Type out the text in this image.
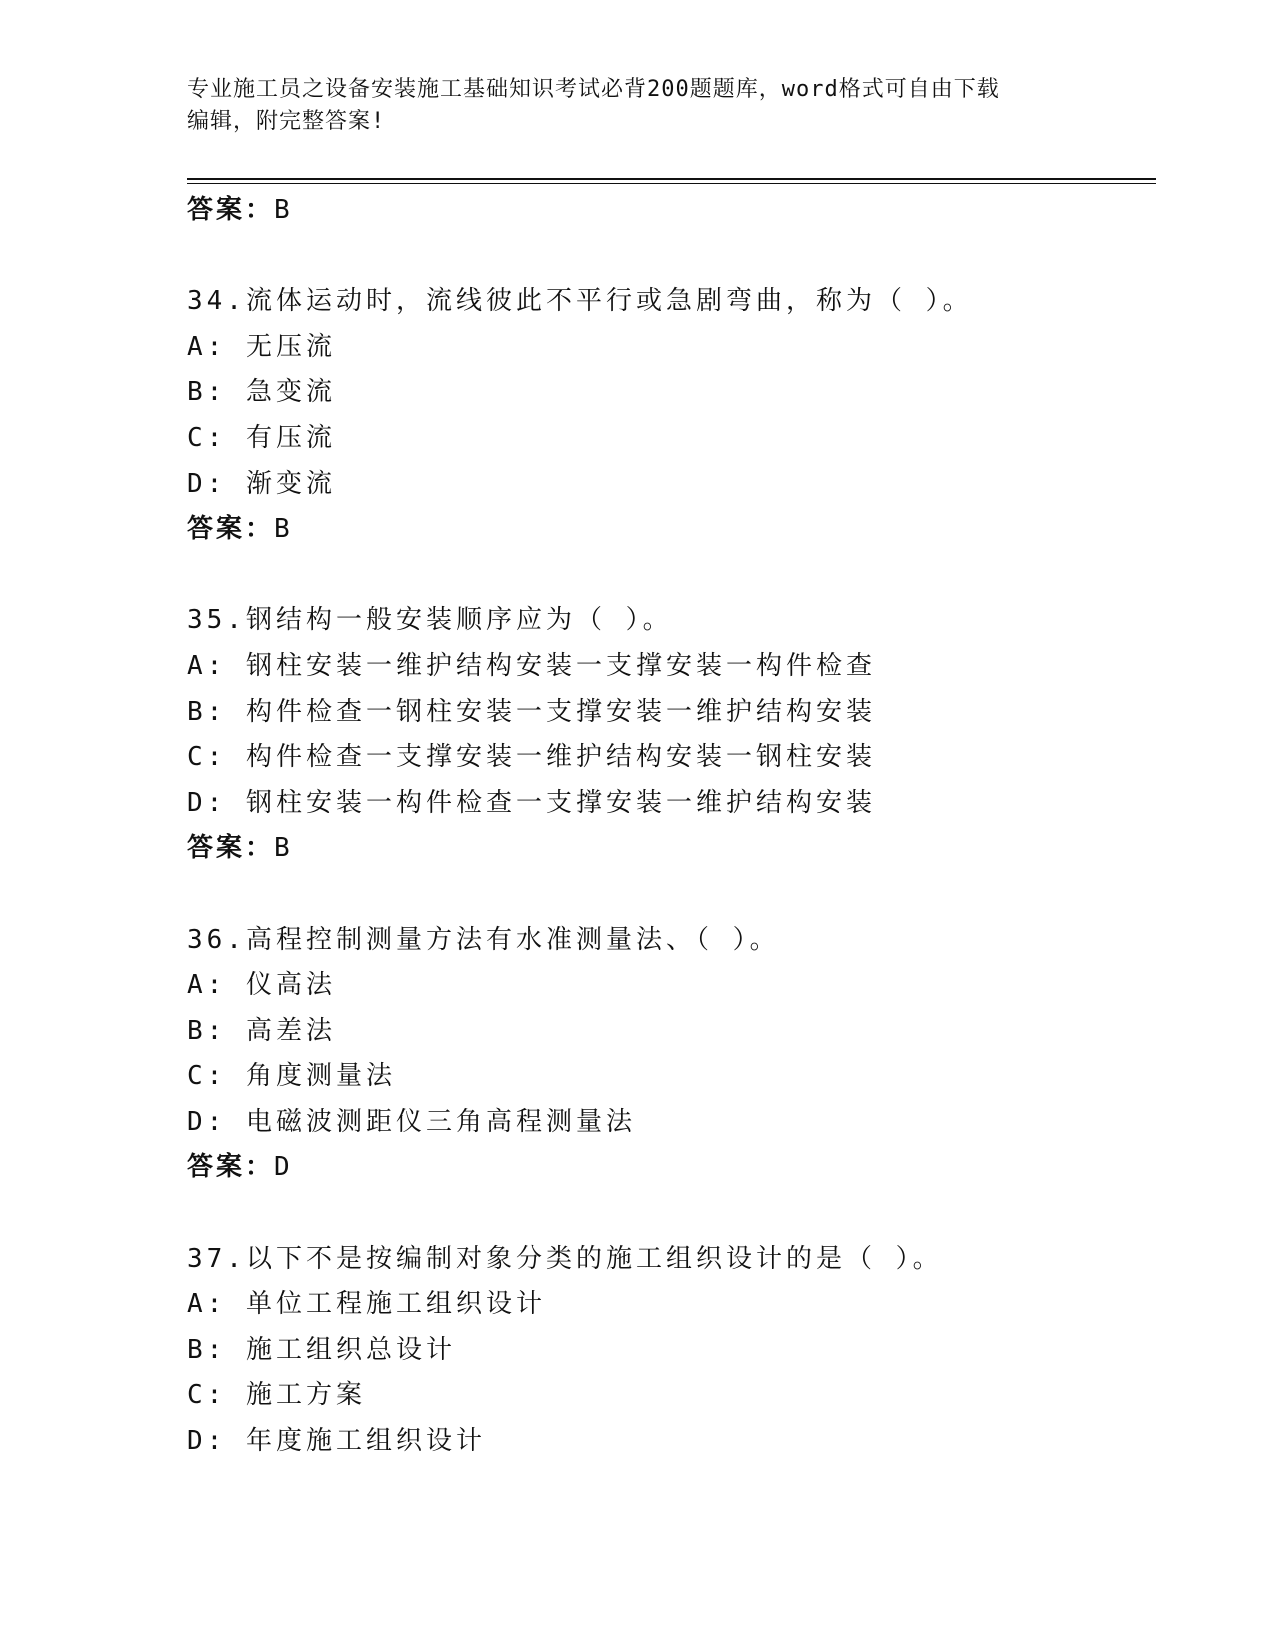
专业施工员之设备安装施工基础知识考试必背200题题库，word格式可自由下载
编辑，附完整答案!
答案：B
34.流体运动时，流线彼此不平行或急剧弯曲，称为（ ）。
A: 无压流
B: 急变流
C: 有压流
D: 渐变流
答案：B
35.钢结构一般安装顺序应为（ ）。
A: 钢柱安装一维护结构安装一支撑安装一构件检查
B: 构件检查一钢柱安装一支撑安装一维护结构安装
C: 构件检查一支撑安装一维护结构安装一钢柱安装
D: 钢柱安装一构件检查一支撑安装一维护结构安装
答案：B
36.高程控制测量方法有水准测量法、（ ）。
A: 仪高法
B: 高差法
C: 角度测量法
D: 电磁波测距仪三角高程测量法
答案：D
37.以下不是按编制对象分类的施工组织设计的是（ ）。
A: 单位工程施工组织设计
B: 施工组织总设计
C: 施工方案
D: 年度施工组织设计
